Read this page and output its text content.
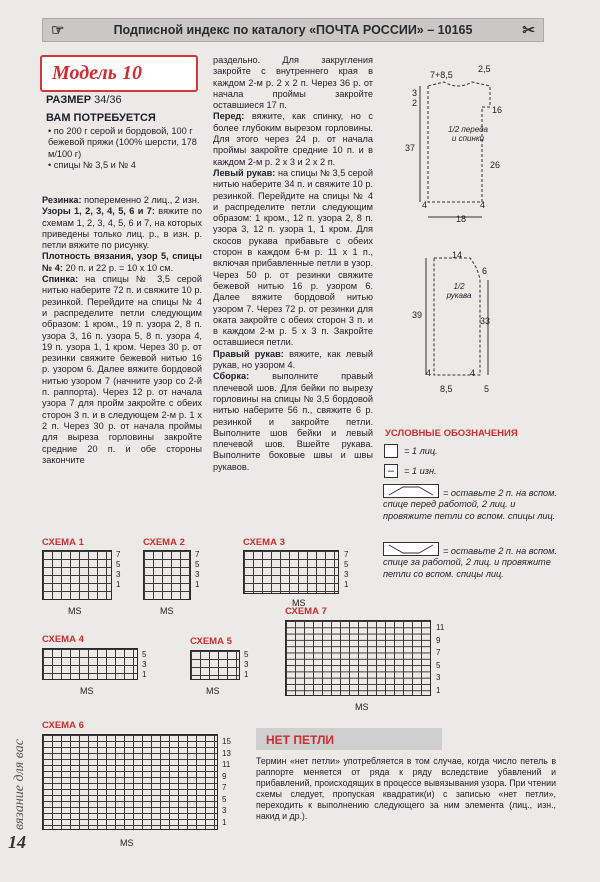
☞	Подписной индекс по каталогу «ПОЧТА РОССИИ» – 10165	✂
Модель 10
РАЗМЕР 34/36
ВАМ ПОТРЕБУЕТСЯ
• по 200 г серой и бордовой, 100 г бежевой пряжи (100% шерсти, 178 м/100 г)
• спицы № 3,5 и № 4

Резинка: попеременно 2 лиц., 2 изн.

Узоры 1, 2, 3, 4, 5, 6 и 7: вяжите по схемам 1, 2, 3, 4, 5, 6 и 7, на которых приведены только лиц. р., в изн. р. петли вяжите по рисунку.

Плотность вязания, узор 5, спицы № 4: 20 п. и 22 р. = 10 х 10 см.

Спинка: на спицы № 3,5 серой нитью наберите 72 п. и свяжите 10 р. резинкой. Перейдите на спицы № 4 и распределите петли следующим образом: 1 кром., 19 п. узора 2, 8 п. узора 3, 16 п. узора 5, 8 п. узора 4, 19 п. узора 1, 1 кром. Через 30 р. от резинки свяжите бежевой нитью 16 р. узором 6. Далее вяжите бордовой нитью узором 7 (начните узор со 2-й п. раппорта). Через 12 р. от начала узора 7 для пройм закройте с обеих сторон 3 п. и в следующем 2-м р. 1 х 2 п. Через 30 р. от начала проймы для выреза горловины закройте средние 20 п. и обе стороны закончите

раздельно. Для закругления закройте с внутреннего края в каждом 2-м р. 2 х 2 п. Через 36 р. от начала проймы закройте оставшиеся 17 п.

Перед: вяжите, как спинку, но с более глубоким вырезом горловины. Для этого через 24 р. от начала проймы закройте средние 10 п. и в каждом 2-м р. 2 х 3 и 2 х 2 п.

Левый рукав: на спицы № 3,5 серой нитью наберите 34 п. и свяжите 10 р. резинкой. Перейдите на спицы № 4 и распределите петли следующим образом: 1 кром., 12 п. узора 2, 8 п. узора 3, 12 п. узора 1, 1 кром. Для скосов рукава прибавьте с обеих сторон в каждом 6-м р. 11 х 1 п., включая прибавленные петли в узор. Через 50 р. от резинки свяжите бежевой нитью 16 р. узором 6. Далее вяжите бордовой нитью узором 7. Через 72 р. от резинки для оката закройте с обеих сторон 3 п. и в каждом 2-м р. 5 х 3 п. Закройте оставшиеся петли.

Правый рукав: вяжите, как левый рукав, но узором 4.

Сборка: выполните правый плечевой шов. Для бейки по вырезу горловины на спицы № 3,5 бордовой нитью наберите 56 п., свяжите 6 р. резинкой и закройте петли. Выполните шов бейки и левый плечевой шов. Вшейте рукава. Выполните боковые швы и швы рукавов.

7+8,5
2,5
3
2
37
16
26
4	4
18
1/2 переда и спинки
14
6
39
33
4	4
8,5	5
1/2 рукава
УСЛОВНЫЕ ОБОЗНАЧЕНИЯ
= 1 лиц.
–	= 1 изн.
= оставьте 2 п. на вспом. спице перед работой, 2 лиц. и провяжите петли со вспом. спицы лиц.
= оставьте 2 п. на вспом. спице за работой, 2 лиц. и провяжите петли со вспом. спицы лиц.
СХЕМА 1
7
5
3
1
MS
СХЕМА 2
7
5
3
1
MS
СХЕМА 3
7
5
3
1
MS
СХЕМА 4
5
3
1
MS
СХЕМА 5
5
3
1
MS
СХЕМА 6
15
13
11
9
7
5
3
1
MS
СХЕМА 7
11
9
7
5
3
1
MS
НЕТ ПЕТЛИ
Термин «нет петли» употребляется в том случае, когда число петель в раппорте меняется от ряда к ряду вследствие убавлений и прибавлений, происходящих в процессе вывязывания узора. При чтении схемы следует, пропуская квадратик(и) с записью «нет петли», переходить к выполнению следующего за ним элемента (лиц., изн., накид и др.).
вязание для вас
14
